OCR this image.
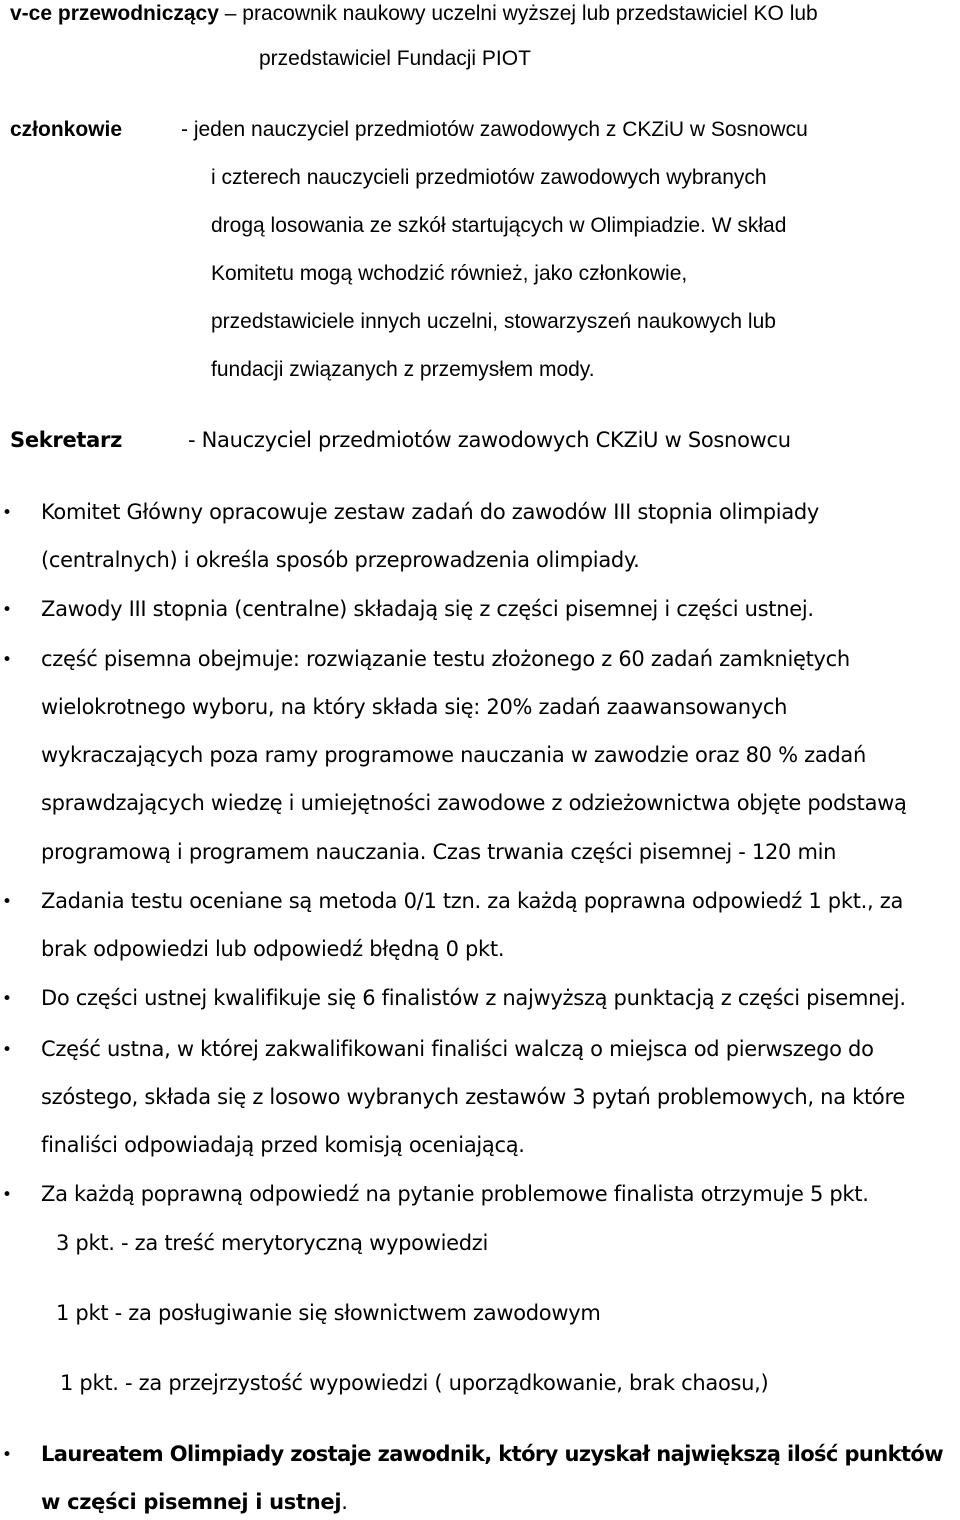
v-ce przewodniczący – pracownik naukowy uczelni wyższej lub przedstawiciel KO lub
przedstawiciel Fundacji PIOT
członkowie	- jeden nauczyciel przedmiotów zawodowych z CKZiU w Sosnowcu
i czterech nauczycieli przedmiotów zawodowych wybranych
drogą losowania ze szkół startujących w Olimpiadzie. W skład
Komitetu mogą wchodzić również, jako członkowie,
przedstawiciele innych uczelni, stowarzyszeń naukowych lub
fundacji związanych z przemysłem mody.
Sekretarz	- Nauczyciel przedmiotów zawodowych CKZiU w Sosnowcu
• Komitet Główny opracowuje zestaw zadań do zawodów III stopnia olimpiady
(centralnych) i określa sposób przeprowadzenia olimpiady.
• Zawody III stopnia (centralne) składają się z części pisemnej i części ustnej.
• część pisemna obejmuje: rozwiązanie testu złożonego z 60 zadań zamkniętych
wielokrotnego wyboru, na który składa się: 20% zadań zaawansowanych
wykraczających poza ramy programowe nauczania w zawodzie oraz 80 % zadań
sprawdzających wiedzę i umiejętności zawodowe z odzieżownictwa objęte podstawą
programową i programem nauczania. Czas trwania części pisemnej - 120 min
• Zadania testu oceniane są metoda 0/1 tzn. za każdą poprawna odpowiedź 1 pkt., za
brak odpowiedzi lub odpowiedź błędną 0 pkt.
• Do części ustnej kwalifikuje się 6 finalistów z najwyższą punktacją z części pisemnej.
• Część ustna, w której zakwalifikowani finaliści walczą o miejsca od pierwszego do
szóstego, składa się z losowo wybranych zestawów 3 pytań problemowych, na które
finaliści odpowiadają przed komisją oceniającą.
• Za każdą poprawną odpowiedź na pytanie problemowe finalista otrzymuje 5 pkt.
3 pkt. - za treść merytoryczną wypowiedzi
1 pkt - za posługiwanie się słownictwem zawodowym
1 pkt. - za przejrzystość wypowiedzi ( uporządkowanie, brak chaosu,)
• Laureatem Olimpiady zostaje zawodnik, który uzyskał największą ilość punktów
w części pisemnej i ustnej.
